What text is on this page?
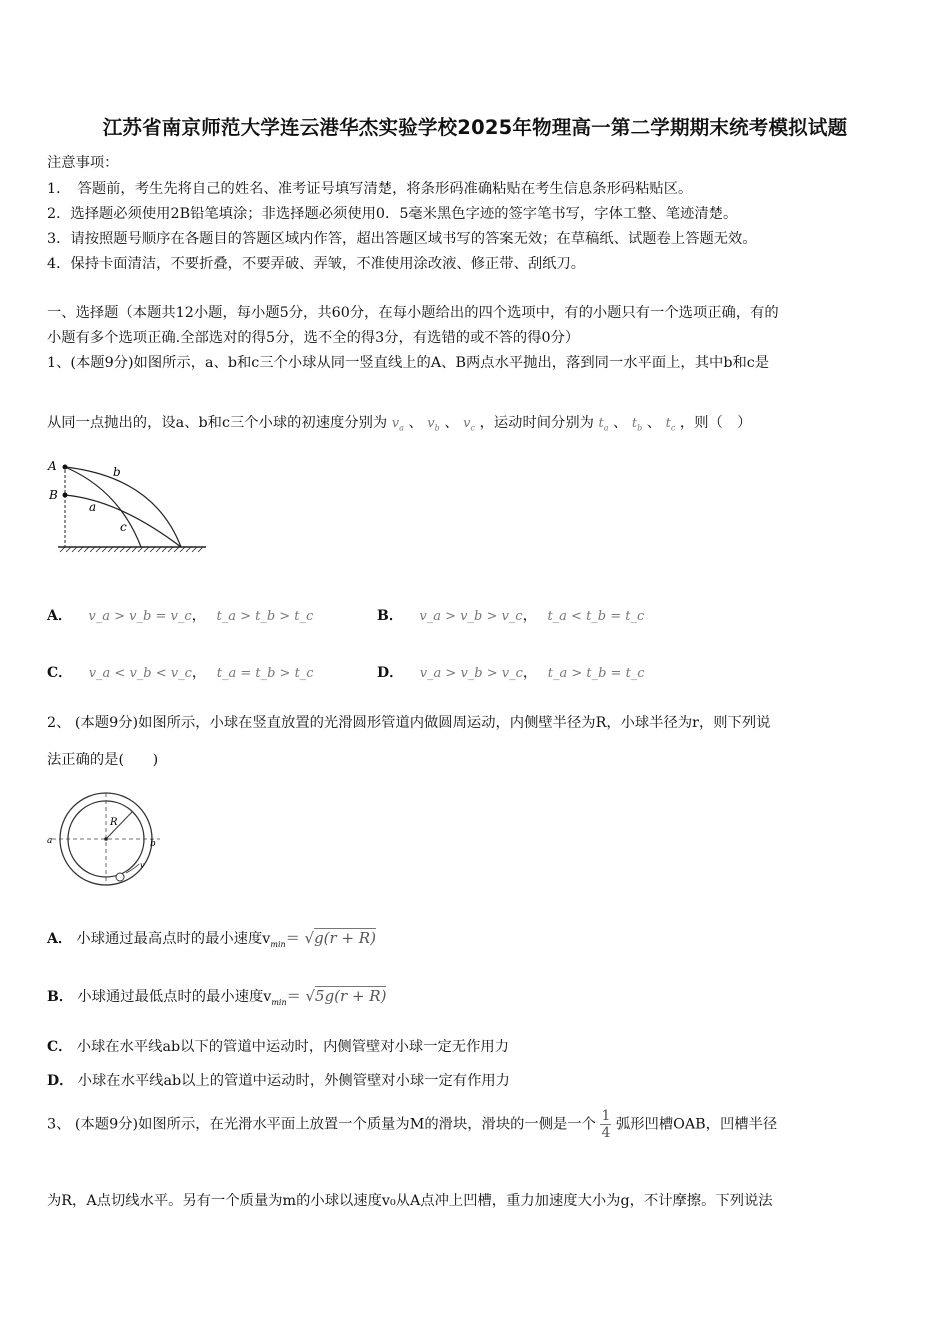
江苏省南京师范大学连云港华杰实验学校2025年物理高一第二学期期末统考模拟试题
注意事项：
1．　答题前，考生先将自己的姓名、准考证号填写清楚，将条形码准确粘贴在考生信息条形码粘贴区。
2．选择题必须使用2B铅笔填涂；非选择题必须使用0．5毫米黑色字迹的签字笔书写，字体工整、笔迹清楚。
3．请按照题号顺序在各题目的答题区域内作答，超出答题区域书写的答案无效；在草稿纸、试题卷上答题无效。
4．保持卡面清洁，不要折叠，不要弄破、弄皱，不准使用涂改液、修正带、刮纸刀。
一、选择题（本题共12小题，每小题5分，共60分，在每小题给出的四个选项中，有的小题只有一个选项正确，有的
小题有多个选项正确.全部选对的得5分，选不全的得3分，有选错的或不答的得0分）
1、(本题9分)如图所示，a、b和c三个小球从同一竖直线上的A、B两点水平抛出，落到同一水平面上，其中b和c是
从同一点抛出的，设a、b和c三个小球的初速度分别为 $v_a$ 、 $v_b$ 、 $v_c$ ，运动时间分别为 $t_a$ 、 $t_b$ 、 $t_c$ ，则（　）
A
B
a
b
c
A． v_a > v_b = v_c， t_a > t_b > t_c	B． v_a > v_b > v_c， t_a < t_b = t_c
C． v_a < v_b < v_c， t_a = t_b > t_c	D． v_a > v_b > v_c， t_a > t_b = t_c
2、 (本题9分)如图所示，小球在竖直放置的光滑圆形管道内做圆周运动，内侧壁半径为R，小球半径为r，则下列说
法正确的是(　　)
R
a	b
v
A． 小球通过最高点时的最小速度$v_{min}= √g(r + R)$
B． 小球通过最低点时的最小速度$v_{min}= √5g(r + R)$
C． 小球在水平线ab以下的管道中运动时，内侧管壁对小球一定无作用力
D． 小球在水平线ab以上的管道中运动时，外侧管壁对小球一定有作用力
3、 (本题9分)如图所示，在光滑水平面上放置一个质量为M的滑块，滑块的一侧是一个 $\frac{1}{4}$ 弧形凹槽OAB，凹槽半径
为R，A点切线水平。另有一个质量为m的小球以速度v₀从A点冲上凹槽，重力加速度大小为g，不计摩擦。下列说法
